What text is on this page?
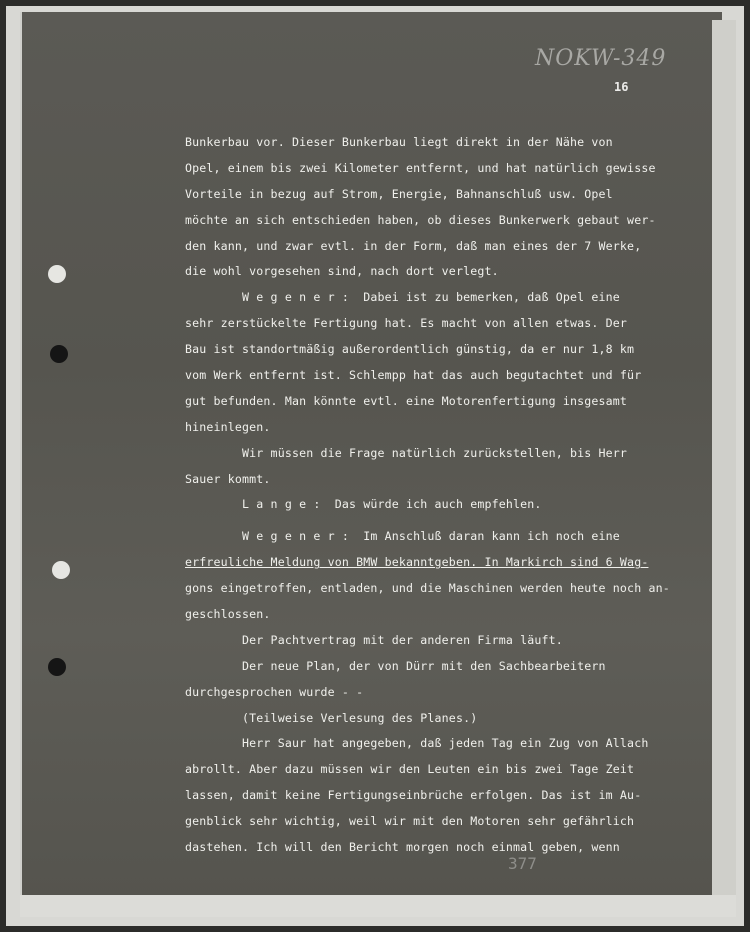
NOKW-349
16
Bunkerbau vor. Dieser Bunkerbau liegt direkt in der Nähe von
Opel, einem bis zwei Kilometer entfernt, und hat natürlich gewisse
Vorteile in bezug auf Strom, Energie, Bahnanschluß usw. Opel
möchte an sich entschieden haben, ob dieses Bunkerwerk gebaut wer-
den kann, und zwar evtl. in der Form, daß man eines der 7 Werke,
die wohl vorgesehen sind, nach dort verlegt.
W e g e n e r :  Dabei ist zu bemerken, daß Opel eine
sehr zerstückelte Fertigung hat. Es macht von allen etwas. Der
Bau ist standortmäßig außerordentlich günstig, da er nur 1,8 km
vom Werk entfernt ist. Schlempp hat das auch begutachtet und für
gut befunden. Man könnte evtl. eine Motorenfertigung insgesamt
hineinlegen.
Wir müssen die Frage natürlich zurückstellen, bis Herr
Sauer kommt.
L a n g e :  Das würde ich auch empfehlen.
W e g e n e r :  Im Anschluß daran kann ich noch eine
erfreuliche Meldung von BMW bekanntgeben. In Markirch sind 6 Wag-
gons eingetroffen, entladen, und die Maschinen werden heute noch an-
geschlossen.
Der Pachtvertrag mit der anderen Firma läuft.
Der neue Plan, der von Dürr mit den Sachbearbeitern
durchgesprochen wurde - -
(Teilweise Verlesung des Planes.)
Herr Saur hat angegeben, daß jeden Tag ein Zug von Allach
abrollt. Aber dazu müssen wir den Leuten ein bis zwei Tage Zeit
lassen, damit keine Fertigungseinbrüche erfolgen. Das ist im Au-
genblick sehr wichtig, weil wir mit den Motoren sehr gefährlich
dastehen. Ich will den Bericht morgen noch einmal geben, wenn
377
